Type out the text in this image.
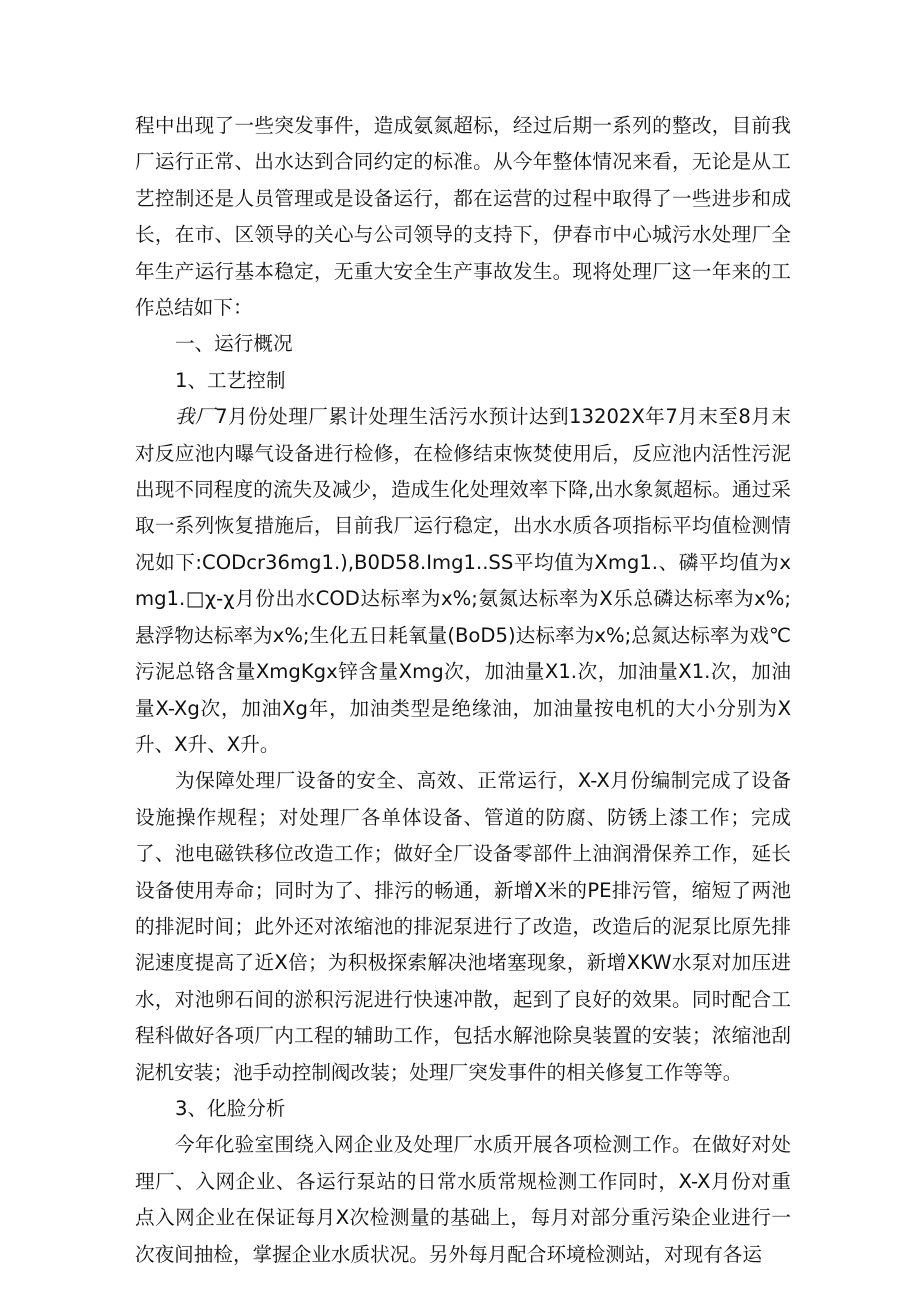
程中出现了一些突发事件，造成氨氮超标，经过后期一系列的整改，目前我厂运行正常、出水达到合同约定的标准。从今年整体情况来看，无论是从工艺控制还是人员管理或是设备运行，都在运营的过程中取得了一些进步和成长，在市、区领导的关心与公司领导的支持下，伊春市中心城污水处理厂全年生产运行基本稳定，无重大安全生产事故发生。现将处理厂这一年来的工作总结如下：

一、运行概况

1、工艺控制

我厂7月份处理厂累计处理生活污水预计达到13202X年7月末至8月末对反应池内曝气设备进行检修，在检修结束恢焚使用后，反应池内活性污泥出现不同程度的流失及减少，造成生化处理效率下降,出水象氮超标。通过采取一系列恢复措施后，目前我厂运行稳定，出水水质各项指标平均值检测情况如下:CODcr36mg1.),B0D58.Img1..SS平均值为Xmg1.、磷平均值为xmg1.□χ-χ月份出水COD达标率为x%;氨氮达标率为X乐总磷达标率为x%;悬浮物达标率为x%;生化五日耗氧量(BoD5)达标率为x%;总氮达标率为戏℃污泥总铬含量XmgKgx锌含量Xmg次，加油量X1.次，加油量X1.次，加油量X-Xg次，加油Xg年，加油类型是绝缘油，加油量按电机的大小分别为X升、X升、X升。

为保障处理厂设备的安全、高效、正常运行，X-X月份编制完成了设备设施操作规程；对处理厂各单体设备、管道的防腐、防锈上漆工作；完成了、池电磁铁移位改造工作；做好全厂设备零部件上油润滑保养工作，延长设备使用寿命；同时为了、排污的畅通，新增X米的PE排污管，缩短了两池的排泥时间；此外还对浓缩池的排泥泵进行了改造，改造后的泥泵比原先排泥速度提高了近X倍；为积极探索解决池堵塞现象，新增XKW水泵对加压进水，对池卵石间的淤积污泥进行快速冲散，起到了良好的效果。同时配合工程科做好各项厂内工程的辅助工作，包括水解池除臭装置的安装；浓缩池刮泥机安装；池手动控制阀改装；处理厂突发事件的相关修复工作等等。

3、化脸分析

今年化验室围绕入网企业及处理厂水质开展各项检测工作。在做好对处理厂、入网企业、各运行泵站的日常水质常规检测工作同时，X-X月份对重点入网企业在保证每月X次检测量的基础上，每月对部分重污染企业进行一次夜间抽检，掌握企业水质状况。另外每月配合环境检测站，对现有各运
